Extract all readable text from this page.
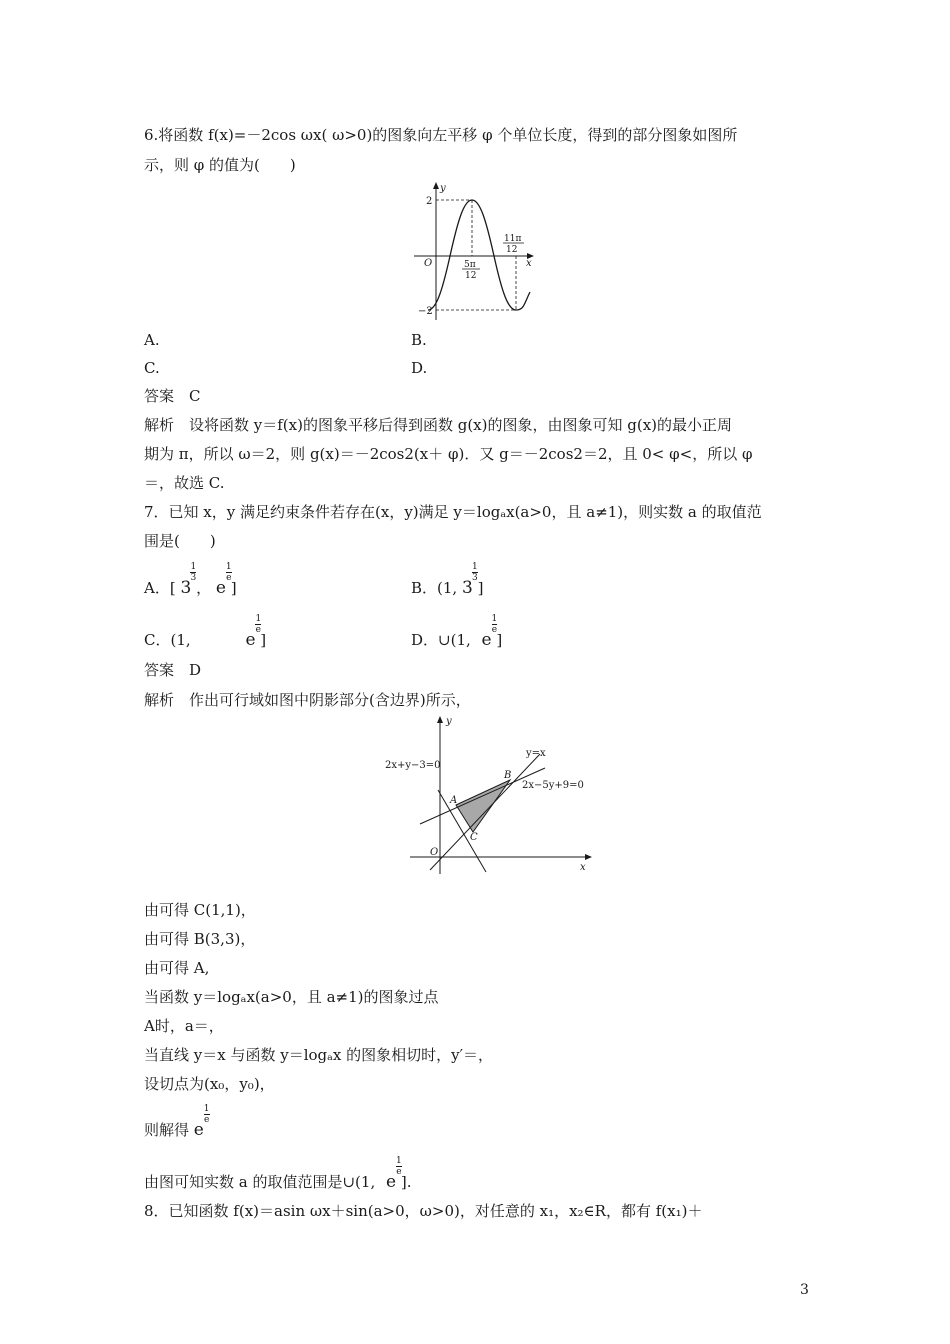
6.将函数 f(x)=－2cos ωx( ω>0)的图象向左平移 φ 个单位长度，得到的部分图象如图所
示，则 φ 的值为(　　)
y
x
O
2
−2
5π
12
11π
12
A.	B.
C.	D.
答案　C
解析　设将函数 y＝f(x)的图象平移后得到函数 g(x)的图象，由图象可知 g(x)的最小正周
期为 π，所以 ω＝2，则 g(x)＝－2cos2(x＋ φ)．又 g＝－2cos2＝2，且 0< φ<，所以 φ
＝，故选 C.
7．已知 x，y 满足约束条件若存在(x，y)满足 y＝logₐx(a>0，且 a≠1)，则实数 a 的取值范
围是(　　)
A．[ 3
$\frac{1}{3}$
， e
$\frac{1}{e}$
]	B．(1, 3
$\frac{1}{3}$
]
C．(1,	e
$\frac{1}{e}$
]	D．∪(1, e
$\frac{1}{e}$
]
答案　D
解析　作出可行域如图中阴影部分(含边界)所示，
y
x
O
2x+y−3=0
y=x
2x−5y+9=0
A
B
C
由可得 C(1,1)，
由可得 B(3,3)，
由可得 A,
当函数 y＝logₐx(a>0，且 a≠1)的图象过点
A时，a＝，
当直线 y＝x 与函数 y＝logₐx 的图象相切时，y′＝，
设切点为(x₀，y₀)，
则解得 e
$\frac{1}{e}$
由图可知实数 a 的取值范围是∪(1, e
$\frac{1}{e}$
].
8．已知函数 f(x)＝asin ωx＋sin(a>0，ω>0)，对任意的 x₁，x₂∈R，都有 f(x₁)＋
3
